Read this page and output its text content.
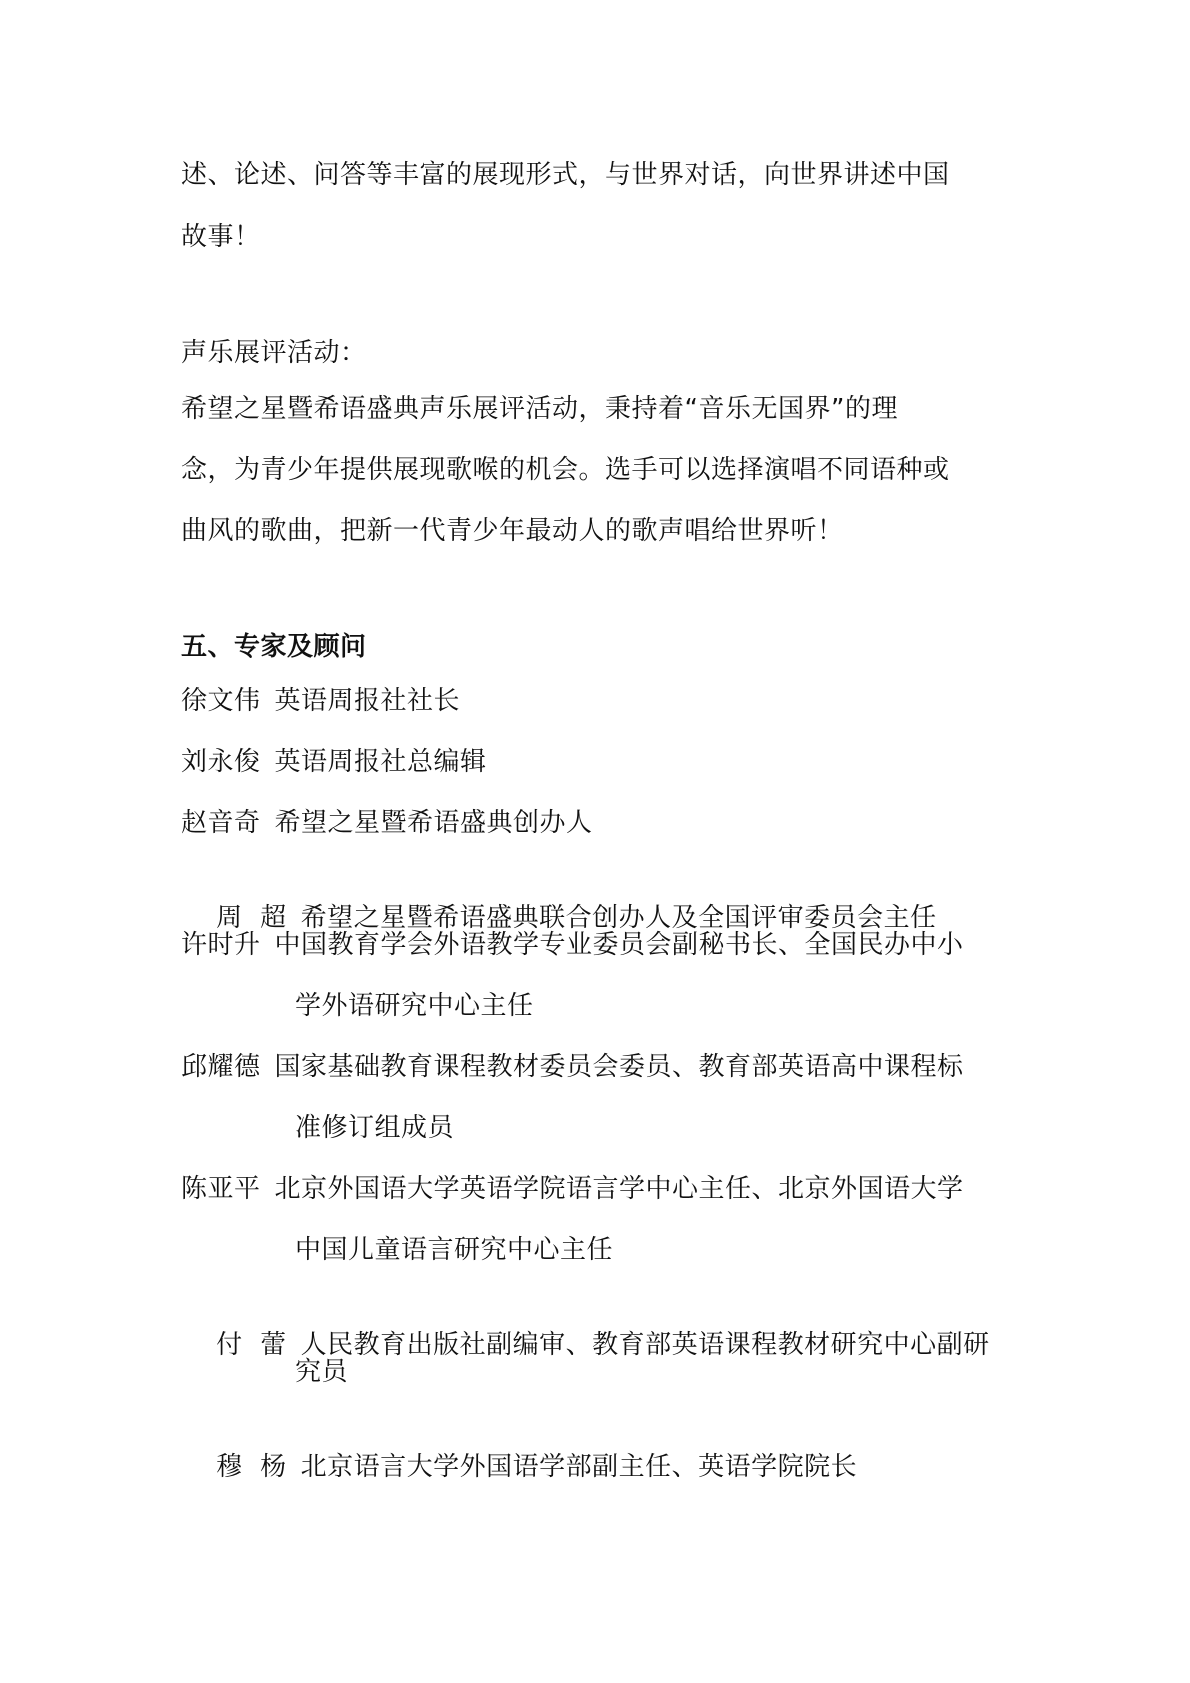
述、论述、问答等丰富的展现形式，与世界对话，向世界讲述中国
故事！
声乐展评活动：
希望之星暨希语盛典声乐展评活动，秉持着“音乐无国界”的理
念，为青少年提供展现歌喉的机会。选手可以选择演唱不同语种或
曲风的歌曲，把新一代青少年最动人的歌声唱给世界听！
五、专家及顾问
徐文伟 英语周报社社长
刘永俊 英语周报社总编辑
赵音奇 希望之星暨希语盛典创办人

周  超 希望之星暨希语盛典联合创办人及全国评审委员会主任

许时升 中国教育学会外语教学专业委员会副秘书长、全国民办中小
学外语研究中心主任
邱耀德 国家基础教育课程教材委员会委员、教育部英语高中课程标
准修订组成员
陈亚平 北京外国语大学英语学院语言学中心主任、北京外国语大学
中国儿童语言研究中心主任

付  蕾 人民教育出版社副编审、教育部英语课程教材研究中心副研

究员

穆  杨 北京语言大学外国语学部副主任、英语学院院长
